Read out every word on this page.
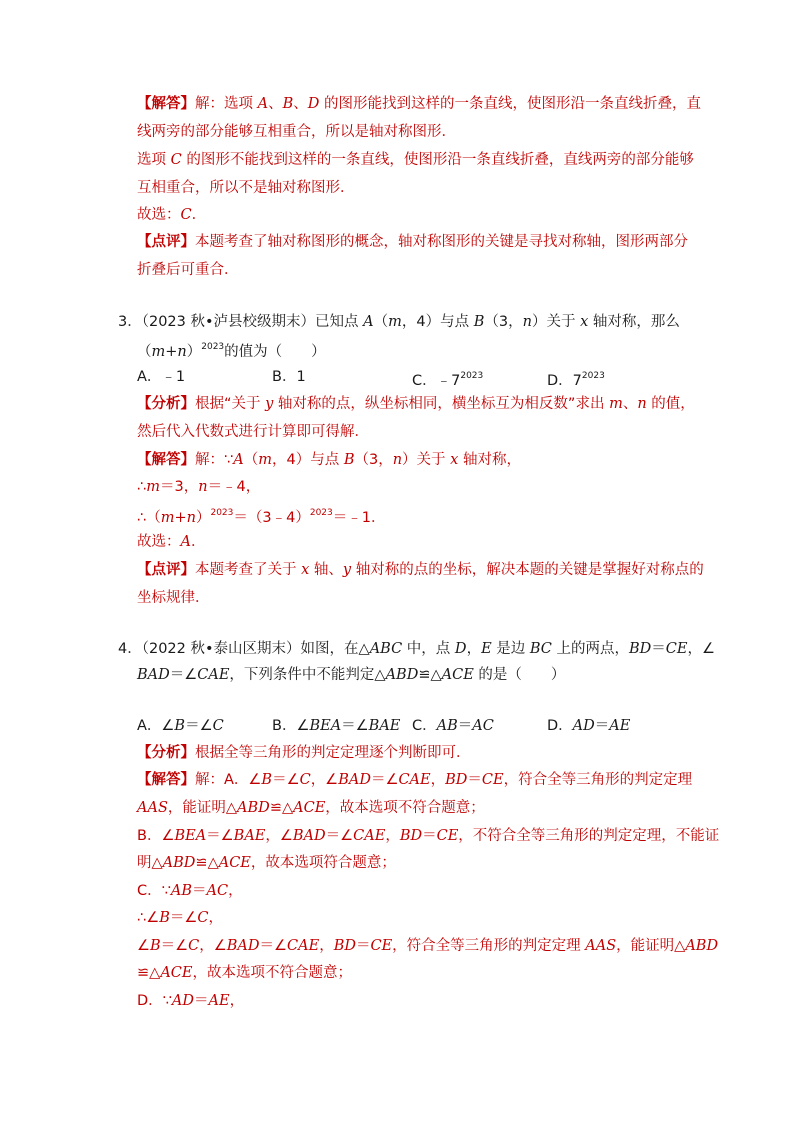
【解答】解：选项 A、B、D 的图形能找到这样的一条直线，使图形沿一条直线折叠，直
线两旁的部分能够互相重合，所以是轴对称图形．
选项 C 的图形不能找到这样的一条直线，使图形沿一条直线折叠，直线两旁的部分能够
互相重合，所以不是轴对称图形．
故选：C．
【点评】本题考查了轴对称图形的概念，轴对称图形的关键是寻找对称轴，图形两部分
折叠后可重合．
3．（2023 秋•泸县校级期末）已知点 A（m，4）与点 B（3，n）关于 x 轴对称，那么
$(m+n)^{2023}$的值为（　　）
A．﹣1	B．1	C．$﹣7^{2023}$	D．$7^{2023}$
【分析】根据“关于 y 轴对称的点，纵坐标相同，横坐标互为相反数”求出 m、n 的值，
然后代入代数式进行计算即可得解．
【解答】解：∵A（m，4）与点 B（3，n）关于 x 轴对称，
∴m＝3，n＝﹣4，
$\therefore(m+n)^{2023}=(3﹣4)^{2023}=﹣1$．
故选：A．
【点评】本题考查了关于 x 轴、y 轴对称的点的坐标，解决本题的关键是掌握好对称点的
坐标规律．
4．（2022 秋•泰山区期末）如图，在△ABC 中，点 D，E 是边 BC 上的两点，BD＝CE，∠
BAD＝∠CAE，下列条件中不能判定△ABD≌△ACE 的是（　　）
A．∠B＝∠C	B．∠BEA＝∠BAE C．AB＝AC	D．AD＝AE
【分析】根据全等三角形的判定定理逐个判断即可．
【解答】解：A．∠B＝∠C，∠BAD＝∠CAE，BD＝CE，符合全等三角形的判定定理
AAS，能证明△ABD≌△ACE，故本选项不符合题意；
B．∠BEA＝∠BAE，∠BAD＝∠CAE，BD＝CE，不符合全等三角形的判定定理，不能证
明△ABD≌△ACE，故本选项符合题意；
C．∵AB＝AC，
∴∠B＝∠C，
∠B＝∠C，∠BAD＝∠CAE，BD＝CE，符合全等三角形的判定定理 AAS，能证明△ABD
≌△ACE，故本选项不符合题意；
D．∵AD＝AE，
